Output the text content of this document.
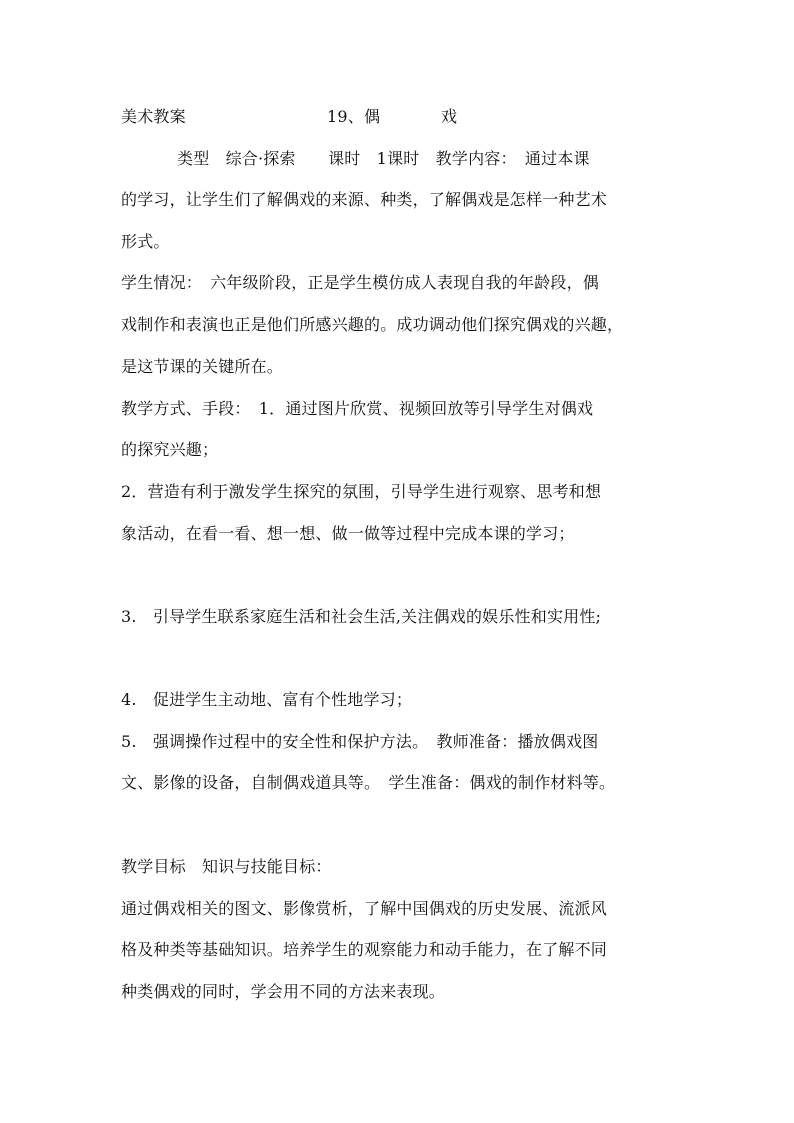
美术教案	19、偶	戏
类型　综合·探索　　课时　1课时　教学内容：　通过本课
的学习，让学生们了解偶戏的来源、种类，了解偶戏是怎样一种艺术
形式。
学生情况：　六年级阶段，正是学生模仿成人表现自我的年龄段，偶
戏制作和表演也正是他们所感兴趣的。成功调动他们探究偶戏的兴趣，
是这节课的关键所在。
教学方式、手段：　1．通过图片欣赏、视频回放等引导学生对偶戏
的探究兴趣；
2．营造有利于激发学生探究的氛围，引导学生进行观察、思考和想
象活动，在看一看、想一想、做一做等过程中完成本课的学习；
3.　引导学生联系家庭生活和社会生活,关注偶戏的娱乐性和实用性;
4.　促进学生主动地、富有个性地学习；
5.　强调操作过程中的安全性和保护方法。　教师准备：播放偶戏图
文、影像的设备，自制偶戏道具等。　学生准备：偶戏的制作材料等。
教学目标　知识与技能目标：
通过偶戏相关的图文、影像赏析，了解中国偶戏的历史发展、流派风
格及种类等基础知识。培养学生的观察能力和动手能力，在了解不同
种类偶戏的同时，学会用不同的方法来表现。
